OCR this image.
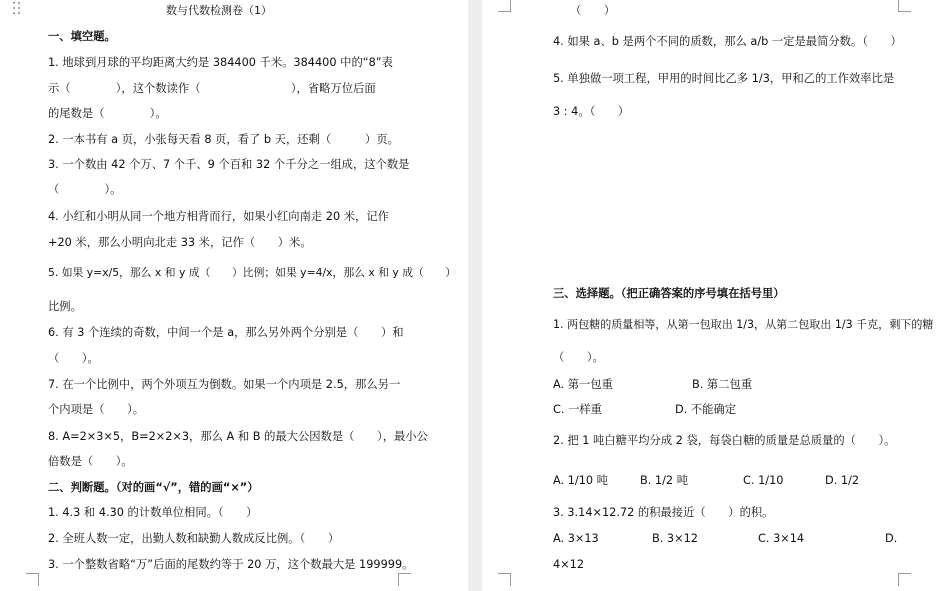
数与代数检测卷（1）
一、填空题。
1. 地球到月球的平均距离大约是 384400 千米。384400 中的“8”表
示（　　　　），这个数读作（　　　　　　　　），省略万位后面
的尾数是（　　　　）。
2. 一本书有 a 页，小张每天看 8 页，看了 b 天，还剩（　　　）页。
3. 一个数由 42 个万、7 个千、9 个百和 32 个千分之一组成，这个数是
（　　　　）。
4. 小红和小明从同一个地方相背而行，如果小红向南走 20 米，记作
+20 米，那么小明向北走 33 米，记作（　　）米。
5. 如果 y=x/5，那么 x 和 y 成（　　）比例；如果 y=4/x，那么 x 和 y 成（　　）
比例。
6. 有 3 个连续的奇数，中间一个是 a，那么另外两个分别是（　　）和
（　　）。
7. 在一个比例中，两个外项互为倒数。如果一个内项是 2.5，那么另一
个内项是（　　）。
8. A=2×3×5，B=2×2×3，那么 A 和 B 的最大公因数是（　　），最小公
倍数是（　　）。
二、判断题。（对的画“√”，错的画“×”）
1. 4.3 和 4.30 的计数单位相同。（　　）
2. 全班人数一定，出勤人数和缺勤人数成反比例。（　　）
3. 一个整数省略“万”后面的尾数约等于 20 万，这个数最大是 199999。
（　　）
4. 如果 a、b 是两个不同的质数，那么 a/b 一定是最简分数。（　　）
5. 单独做一项工程，甲用的时间比乙多 1/3，甲和乙的工作效率比是
3 : 4。（　　）
三、选择题。（把正确答案的序号填在括号里）
1. 两包糖的质量相等，从第一包取出 1/3，从第二包取出 1/3 千克，剩下的糖
（　　）。
A. 第一包重	B. 第二包重
C. 一样重	D. 不能确定
2. 把 1 吨白糖平均分成 2 袋，每袋白糖的质量是总质量的（　　）。
A. 1/10 吨	B. 1/2 吨	C. 1/10	D. 1/2
3. 3.14×12.72 的积最接近（　　）的积。
A. 3×13	B. 3×12	C. 3×14	D.
4×12
